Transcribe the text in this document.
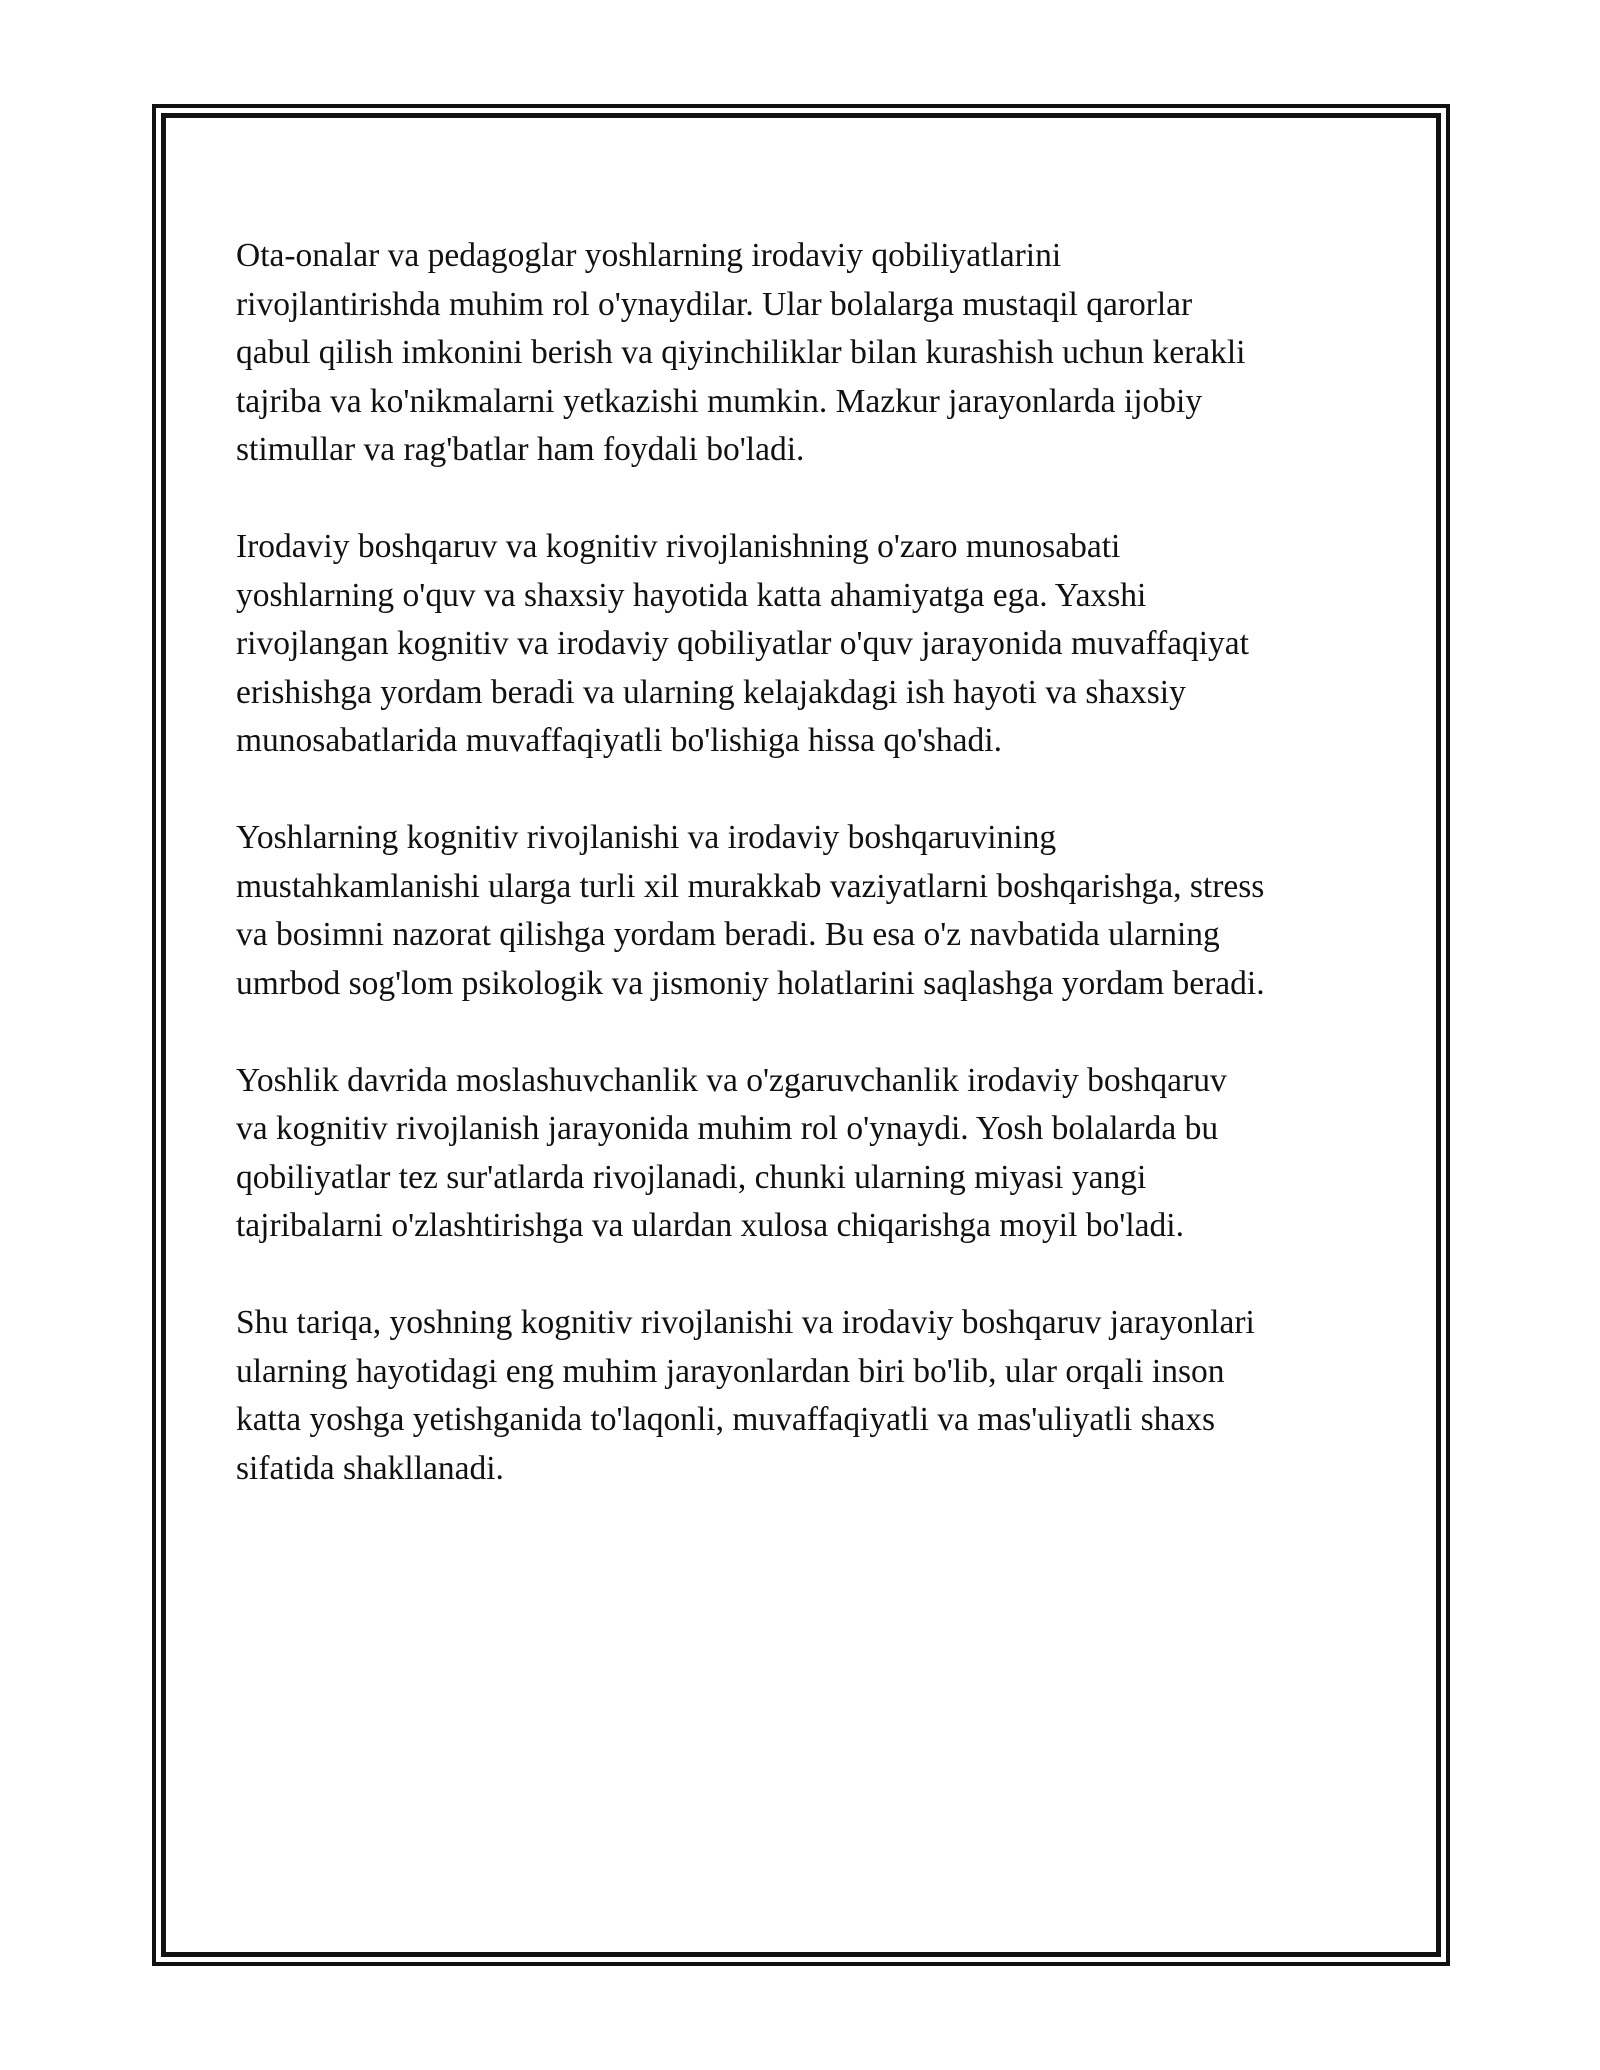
Ota-onalar va pedagoglar yoshlarning irodaviy qobiliyatlarini
rivojlantirishda muhim rol o'ynaydilar. Ular bolalarga mustaqil qarorlar
qabul qilish imkonini berish va qiyinchiliklar bilan kurashish uchun kerakli
tajriba va ko'nikmalarni yetkazishi mumkin. Mazkur jarayonlarda ijobiy
stimullar va rag'batlar ham foydali bo'ladi.

Irodaviy boshqaruv va kognitiv rivojlanishning o'zaro munosabati
yoshlarning o'quv va shaxsiy hayotida katta ahamiyatga ega. Yaxshi
rivojlangan kognitiv va irodaviy qobiliyatlar o'quv jarayonida muvaffaqiyat
erishishga yordam beradi va ularning kelajakdagi ish hayoti va shaxsiy
munosabatlarida muvaffaqiyatli bo'lishiga hissa qo'shadi.

Yoshlarning kognitiv rivojlanishi va irodaviy boshqaruvining
mustahkamlanishi ularga turli xil murakkab vaziyatlarni boshqarishga, stress
va bosimni nazorat qilishga yordam beradi. Bu esa o'z navbatida ularning
umrbod sog'lom psikologik va jismoniy holatlarini saqlashga yordam beradi.

Yoshlik davrida moslashuvchanlik va o'zgaruvchanlik irodaviy boshqaruv
va kognitiv rivojlanish jarayonida muhim rol o'ynaydi. Yosh bolalarda bu
qobiliyatlar tez sur'atlarda rivojlanadi, chunki ularning miyasi yangi
tajribalarni o'zlashtirishga va ulardan xulosa chiqarishga moyil bo'ladi.

Shu tariqa, yoshning kognitiv rivojlanishi va irodaviy boshqaruv jarayonlari
ularning hayotidagi eng muhim jarayonlardan biri bo'lib, ular orqali inson
katta yoshga yetishganida to'laqonli, muvaffaqiyatli va mas'uliyatli shaxs
sifatida shakllanadi.
